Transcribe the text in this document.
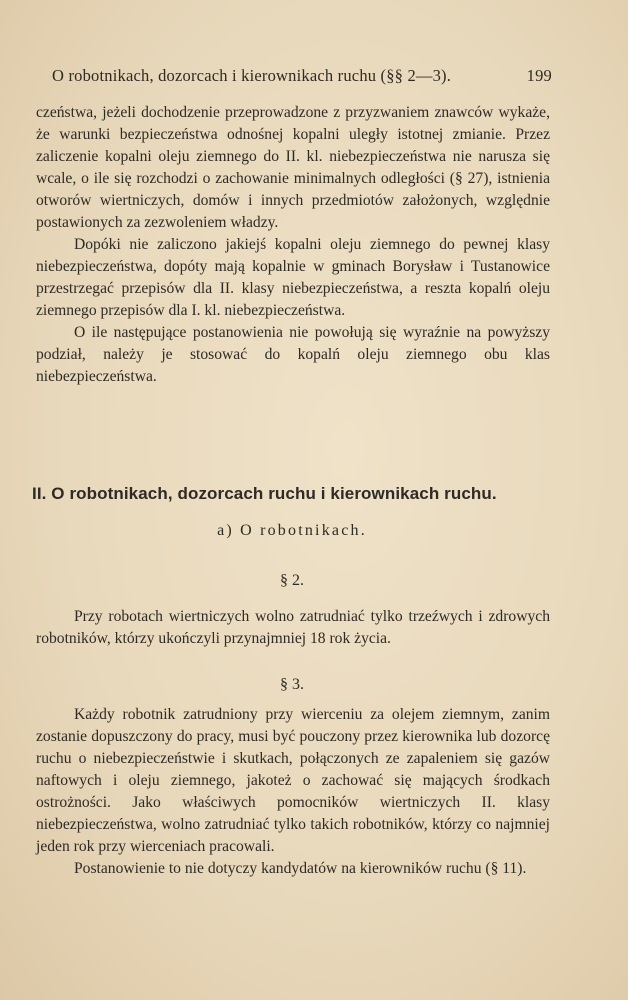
O robotnikach, dozorcach i kierownikach ruchu (§§ 2—3).	199

czeństwa, jeżeli dochodzenie przeprowadzone z przyzwaniem znawców wykaże, że warunki bezpieczeństwa odnośnej kopalni uległy istotnej zmianie. Przez zaliczenie kopalni oleju ziemnego do II. kl. niebezpieczeństwa nie narusza się wcale, o ile się rozchodzi o zachowanie minimalnych odległości (§ 27), istnienia otworów wiertniczych, domów i innych przedmiotów założonych, względnie postawionych za zezwoleniem władzy.

Dopóki nie zaliczono jakiejś kopalni oleju ziemnego do pewnej klasy niebezpieczeństwa, dopóty mają kopalnie w gminach Borysław i Tustanowice przestrzegać przepisów dla II. klasy niebezpieczeństwa, a reszta kopalń oleju ziemnego przepisów dla I. kl. niebezpieczeństwa.

O ile następujące postanowienia nie powołują się wyraźnie na powyższy podział, należy je stosować do kopalń oleju ziemnego obu klas niebezpieczeństwa.

II. O robotnikach, dozorcach ruchu i kierownikach ruchu.
a) O robotnikach.
§ 2.

Przy robotach wiertniczych wolno zatrudniać tylko trzeźwych i zdrowych robotników, którzy ukończyli przynajmniej 18 rok życia.

§ 3.

Każdy robotnik zatrudniony przy wierceniu za olejem ziemnym, zanim zostanie dopuszczony do pracy, musi być pouczony przez kierownika lub dozorcę ruchu o niebezpieczeństwie i skutkach, połączonych ze zapaleniem się gazów naftowych i oleju ziemnego, jakoteż o zachować się mających środkach ostrożności. Jako właściwych pomocników wiertniczych II. klasy niebezpieczeństwa, wolno zatrudniać tylko takich robotników, którzy co najmniej jeden rok przy wierceniach pracowali.

Postanowienie to nie dotyczy kandydatów na kierowników ruchu (§ 11).
